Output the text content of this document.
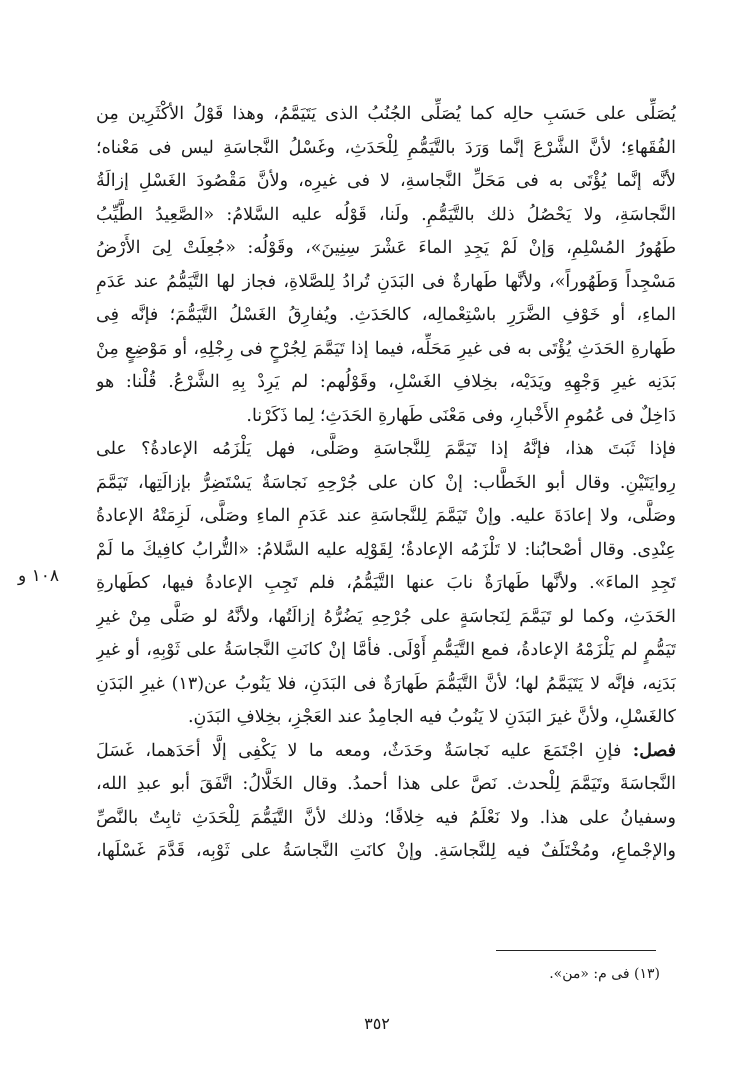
١٠٨ و
يُصَلِّى على حَسَبِ حالِه كما يُصَلِّى الجُنُبُ الذى يَتَيَمَّمُ، وهذا قَوْلُ الأكْثَرِين مِن
الفُقَهاءِ؛ لأنَّ الشَّرْعَ إنَّما وَرَدَ بالتَّيَمُّمِ لِلْحَدَثِ، وغَسْلُ النَّجاسَةِ ليس فى مَعْناه؛
لأنَّه إنَّما يُؤْتَى به فى مَحَلِّ النَّجاسةِ، لا فى غيرِه، ولأنَّ مَقْصُودَ الغَسْلِ إزالَةُ
النَّجاسَةِ، ولا يَحْصُلُ ذلك بالتَّيَمُّمِ. ولَنا، قَوْلُه عليه السَّلامُ: «الصَّعِيدُ الطَّيِّبُ
طَهُورُ المُسْلِمِ، وَإنْ لَمْ يَجِدِ الماءَ عَشْرَ سِنِينَ»، وقَوْلُه: «جُعِلَتْ لِىَ الأَرْضُ
مَسْجِداً وَطَهُوراً»، ولأنَّها طَهارةٌ فى البَدَنِ تُرادُ لِلصَّلاةِ، فجاز لها التَّيَمُّمُ عند عَدَمِ
الماءِ، أو خَوْفِ الضَّرَرِ باسْتِعْمالِه، كالحَدَثِ. ويُفارِقُ الغَسْلُ التَّيَمُّمَ؛ فإنَّه فِى
طَهارةِ الحَدَثِ يُؤْتَى به فى غيرِ مَحَلِّه، فيما إذا تَيَمَّمَ لِجُرْحٍ فى رِجْلِهِ، أو مَوْضِعٍ مِنْ
بَدَنِه غيرِ وَجْهِهِ ويَدَيْه، بخِلافِ الغَسْلِ، وقَوْلُهم: لم يَرِدْ بِهِ الشَّرْعُ. قُلْنا: هو
دَاخِلٌ فى عُمُومِ الأَخْبارِ، وفى مَعْنَى طَهارةِ الحَدَثِ؛ لِما ذَكَرْنا.
فإذا ثَبَتَ هذا، فإنَّهُ إذا تَيَمَّمَ لِلنَّجاسَةِ وصَلَّى، فهل يَلْزَمُه الإعادةُ؟ على
رِوايَتَيْنِ. وقال أبو الخَطَّاب: إنْ كان على جُرْحِهِ نَجاسَةٌ يَسْتَضِرُّ بإزالَتِها، تَيَمَّمَ
وصَلَّى، ولا إعادَةَ عليه. وإنْ تَيَمَّمَ لِلنَّجاسَةِ عند عَدَمِ الماءِ وصَلَّى، لَزِمَتْهُ الإعادةُ
عِنْدِى. وقال أصْحابُنا: لا تَلْزَمُه الإعادةُ؛ لِقَوْلِه عليه السَّلامُ: «التُّرابُ كافِيكَ ما لَمْ
تَجِدِ الماءَ». ولأنَّها طَهارَةٌ نابَ عنها التَّيَمُّمُ، فلم تَجِبِ الإعادةُ فيها، كطَهارةِ
الحَدَثِ، وكما لو تَيَمَّمَ لِنَجاسَةٍ على جُرْحِهِ يَضُرُّهُ إزالَتُها، ولأنَّهُ لو صَلَّى مِنْ غيرِ
تَيَمُّمٍ لم يَلْزَمْهُ الإعادةُ، فمع التَّيَمُّمِ أَوْلَى. فأمَّا إنْ كانَتِ النَّجاسَةُ على ثَوْبِهِ، أو غيرِ
بَدَنِه، فإنَّه لا يَتَيَمَّمُ لها؛ لأنَّ التَّيَمُّمَ طَهارَةٌ فى البَدَنِ، فلا يَنُوبُ عن(١٣) غيرِ البَدَنِ
كالغَسْلِ، ولأنَّ غيرَ البَدَنِ لا يَنُوبُ فيه الجامِدُ عند العَجْزِ، بخِلافِ البَدَنِ.
فصل: فإنِ اجْتَمَعَ عليه نَجاسَةٌ وحَدَثٌ، ومعه ما لا يَكْفِى إلَّا أحَدَهما، غَسَلَ
النَّجاسَةَ وتَيَمَّمَ لِلْحدث. نَصَّ على هذا أحمدُ. وقال الخَلَّالُ: اتَّفَقَ أبو عبدِ الله،
وسفيانُ على هذا. ولا نَعْلَمُ فيه خِلافًا؛ وذلك لأنَّ التَّيَمُّمَ لِلْحَدَثِ ثابِتٌ بالنَّصِّ
والإجْماعِ، ومُخْتَلَفٌ فيه لِلنَّجاسَةِ. وإنْ كانَتِ النَّجاسَةُ على ثَوْبِه، قَدَّمَ غَسْلَها،
(١٣) فى م: «من».
٣٥٢
